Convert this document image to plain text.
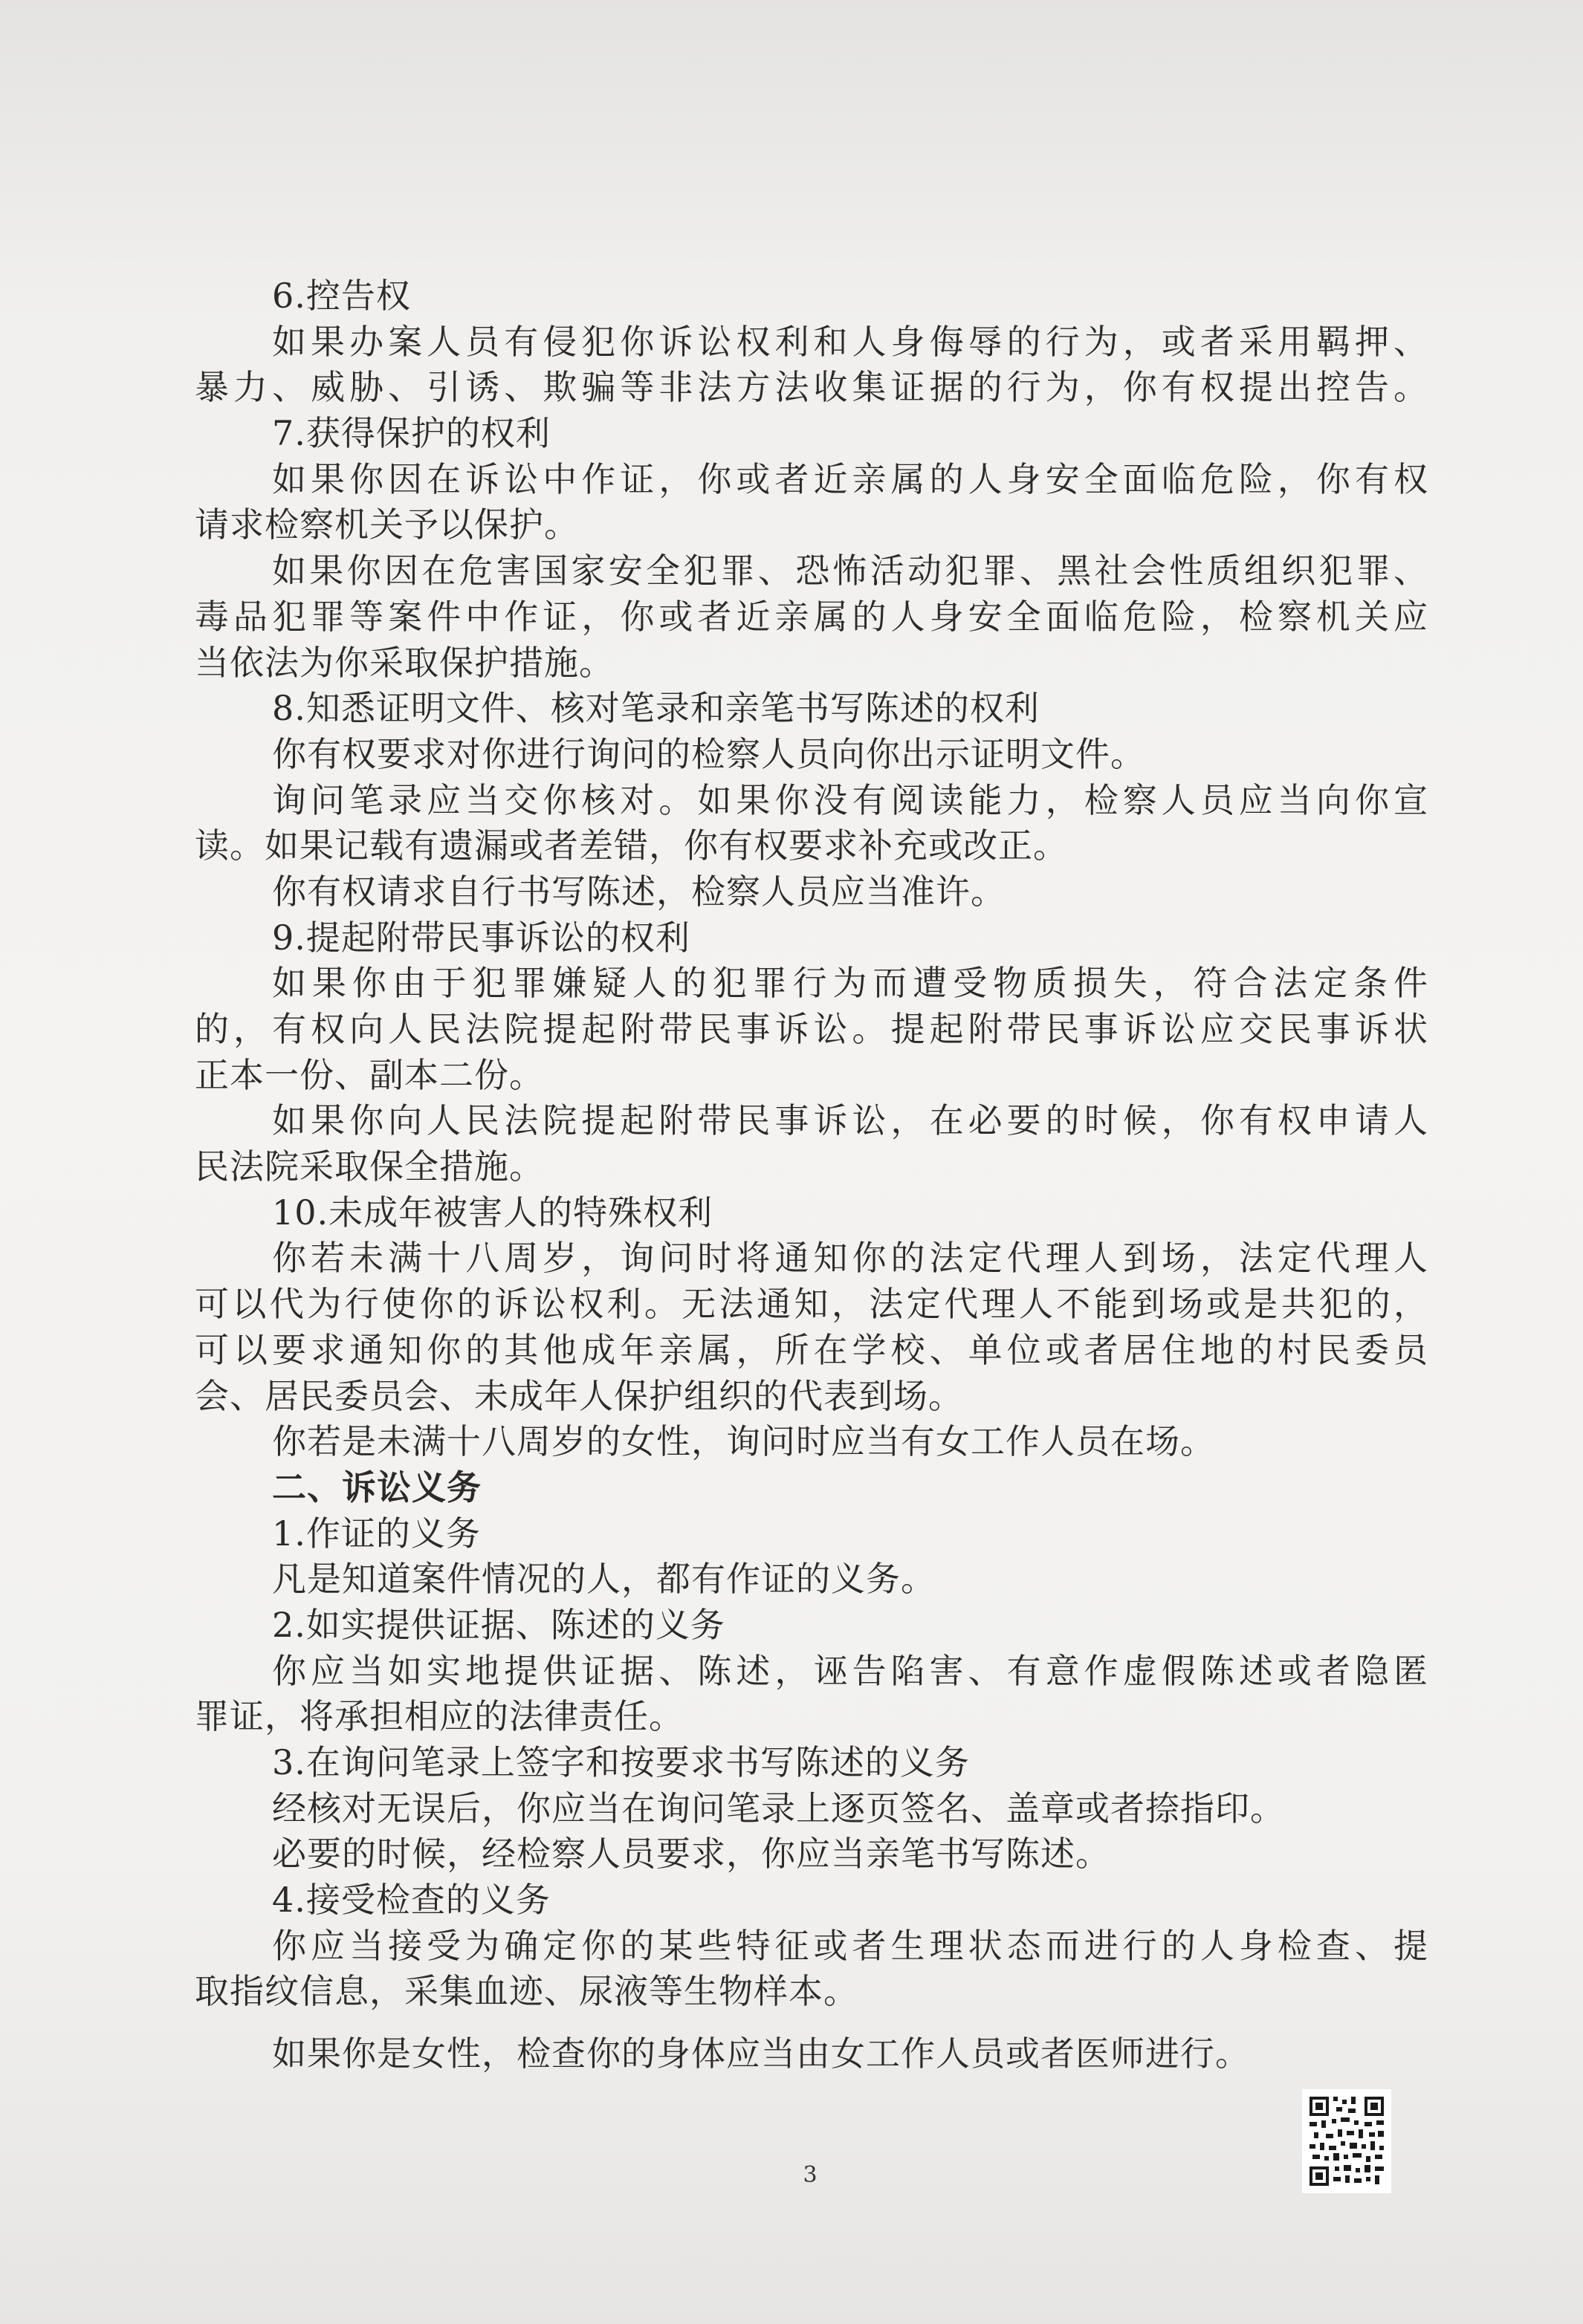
6.控告权
如果办案人员有侵犯你诉讼权利和人身侮辱的行为，或者采用羁押、
暴力、威胁、引诱、欺骗等非法方法收集证据的行为，你有权提出控告。
7.获得保护的权利
如果你因在诉讼中作证，你或者近亲属的人身安全面临危险，你有权
请求检察机关予以保护。
如果你因在危害国家安全犯罪、恐怖活动犯罪、黑社会性质组织犯罪、
毒品犯罪等案件中作证，你或者近亲属的人身安全面临危险，检察机关应
当依法为你采取保护措施。
8.知悉证明文件、核对笔录和亲笔书写陈述的权利
你有权要求对你进行询问的检察人员向你出示证明文件。
询问笔录应当交你核对。如果你没有阅读能力，检察人员应当向你宣
读。如果记载有遗漏或者差错，你有权要求补充或改正。
你有权请求自行书写陈述，检察人员应当准许。
9.提起附带民事诉讼的权利
如果你由于犯罪嫌疑人的犯罪行为而遭受物质损失，符合法定条件
的，有权向人民法院提起附带民事诉讼。提起附带民事诉讼应交民事诉状
正本一份、副本二份。
如果你向人民法院提起附带民事诉讼，在必要的时候，你有权申请人
民法院采取保全措施。
10.未成年被害人的特殊权利
你若未满十八周岁，询问时将通知你的法定代理人到场，法定代理人
可以代为行使你的诉讼权利。无法通知，法定代理人不能到场或是共犯的，
可以要求通知你的其他成年亲属，所在学校、单位或者居住地的村民委员
会、居民委员会、未成年人保护组织的代表到场。
你若是未满十八周岁的女性，询问时应当有女工作人员在场。
二、诉讼义务
1.作证的义务
凡是知道案件情况的人，都有作证的义务。
2.如实提供证据、陈述的义务
你应当如实地提供证据、陈述，诬告陷害、有意作虚假陈述或者隐匿
罪证，将承担相应的法律责任。
3.在询问笔录上签字和按要求书写陈述的义务
经核对无误后，你应当在询问笔录上逐页签名、盖章或者捺指印。
必要的时候，经检察人员要求，你应当亲笔书写陈述。
4.接受检查的义务
你应当接受为确定你的某些特征或者生理状态而进行的人身检查、提
取指纹信息，采集血迹、尿液等生物样本。
如果你是女性，检查你的身体应当由女工作人员或者医师进行。
3
